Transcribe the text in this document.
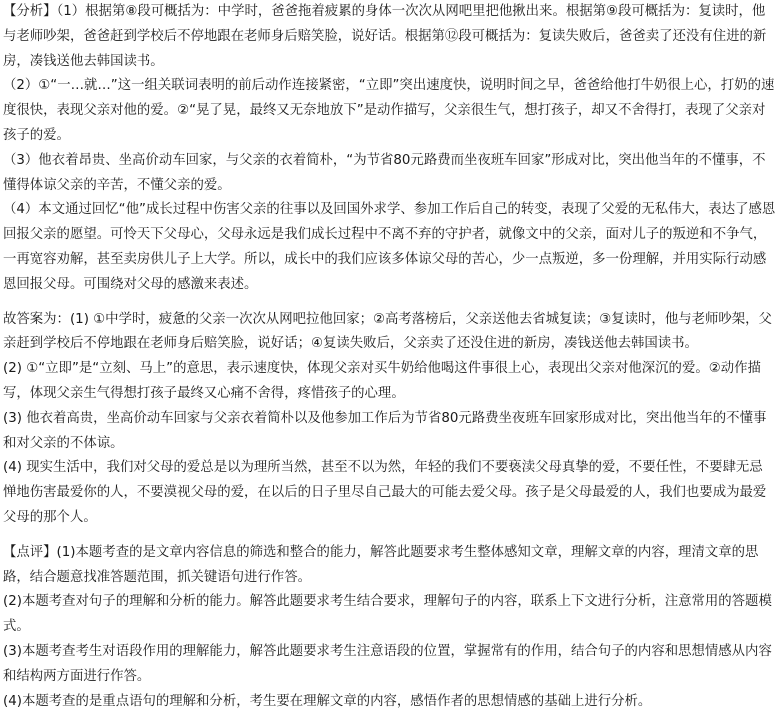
【分析】（1）根据第⑧段可概括为：中学时，爸爸拖着疲累的身体一次次从网吧里把他揪出来。根据第⑨段可概括为：复读时，他与老师吵架，爸爸赶到学校后不停地跟在老师身后赔笑脸，说好话。根据第⑫段可概括为：复读失败后，爸爸卖了还没有住进的新房，凑钱送他去韩国读书。

（2）①“一…就…”这一组关联词表明的前后动作连接紧密，“立即”突出速度快，说明时间之早，爸爸给他打牛奶很上心，打奶的速度很快，表现父亲对他的爱。②“晃了晃，最终又无奈地放下”是动作描写，父亲很生气，想打孩子，却又不舍得打，表现了父亲对孩子的爱。

（3）他衣着昂贵、坐高价动车回家，与父亲的衣着简朴，“为节省80元路费而坐夜班车回家”形成对比，突出他当年的不懂事，不懂得体谅父亲的辛苦，不懂父亲的爱。

（4）本文通过回忆“他”成长过程中伤害父亲的往事以及回国外求学、参加工作后自己的转变，表现了父爱的无私伟大，表达了感恩回报父亲的愿望。可怜天下父母心，父母永远是我们成长过程中不离不弃的守护者，就像文中的父亲，面对儿子的叛逆和不争气，一再宽容劝解，甚至卖房供儿子上大学。所以，成长中的我们应该多体谅父母的苦心，少一点叛逆，多一份理解，并用实际行动感恩回报父母。可围绕对父母的感激来表述。

故答案为：(1) ①中学时，疲惫的父亲一次次从网吧拉他回家；②高考落榜后，父亲送他去省城复读；③复读时，他与老师吵架，父亲赶到学校后不停地跟在老师身后赔笑脸，说好话；④复读失败后，父亲卖了还没住进的新房，凑钱送他去韩国读书。

(2) ①“立即”是“立刻、马上”的意思，表示速度快，体现父亲对买牛奶给他喝这件事很上心，表现出父亲对他深沉的爱。②动作描写，体现父亲生气得想打孩子最终又心痛不舍得，疼惜孩子的心理。

(3) 他衣着高贵，坐高价动车回家与父亲衣着简朴以及他参加工作后为节省80元路费坐夜班车回家形成对比，突出他当年的不懂事和对父亲的不体谅。

(4) 现实生活中，我们对父母的爱总是以为理所当然，甚至不以为然，年轻的我们不要亵渎父母真挚的爱，不要任性，不要肆无忌惮地伤害最爱你的人，不要漠视父母的爱，在以后的日子里尽自己最大的可能去爱父母。孩子是父母最爱的人，我们也要成为最爱父母的那个人。

【点评】(1)本题考查的是文章内容信息的筛选和整合的能力，解答此题要求考生整体感知文章，理解文章的内容，理清文章的思路，结合题意找准答题范围，抓关键语句进行作答。

(2)本题考查对句子的理解和分析的能力。解答此题要求考生结合要求，理解句子的内容，联系上下文进行分析，注意常用的答题模式。

(3)本题考查考生对语段作用的理解能力，解答此题要求考生注意语段的位置，掌握常有的作用，结合句子的内容和思想情感从内容和结构两方面进行作答。

(4)本题考查的是重点语句的理解和分析，考生要在理解文章的内容，感悟作者的思想情感的基础上进行分析。
